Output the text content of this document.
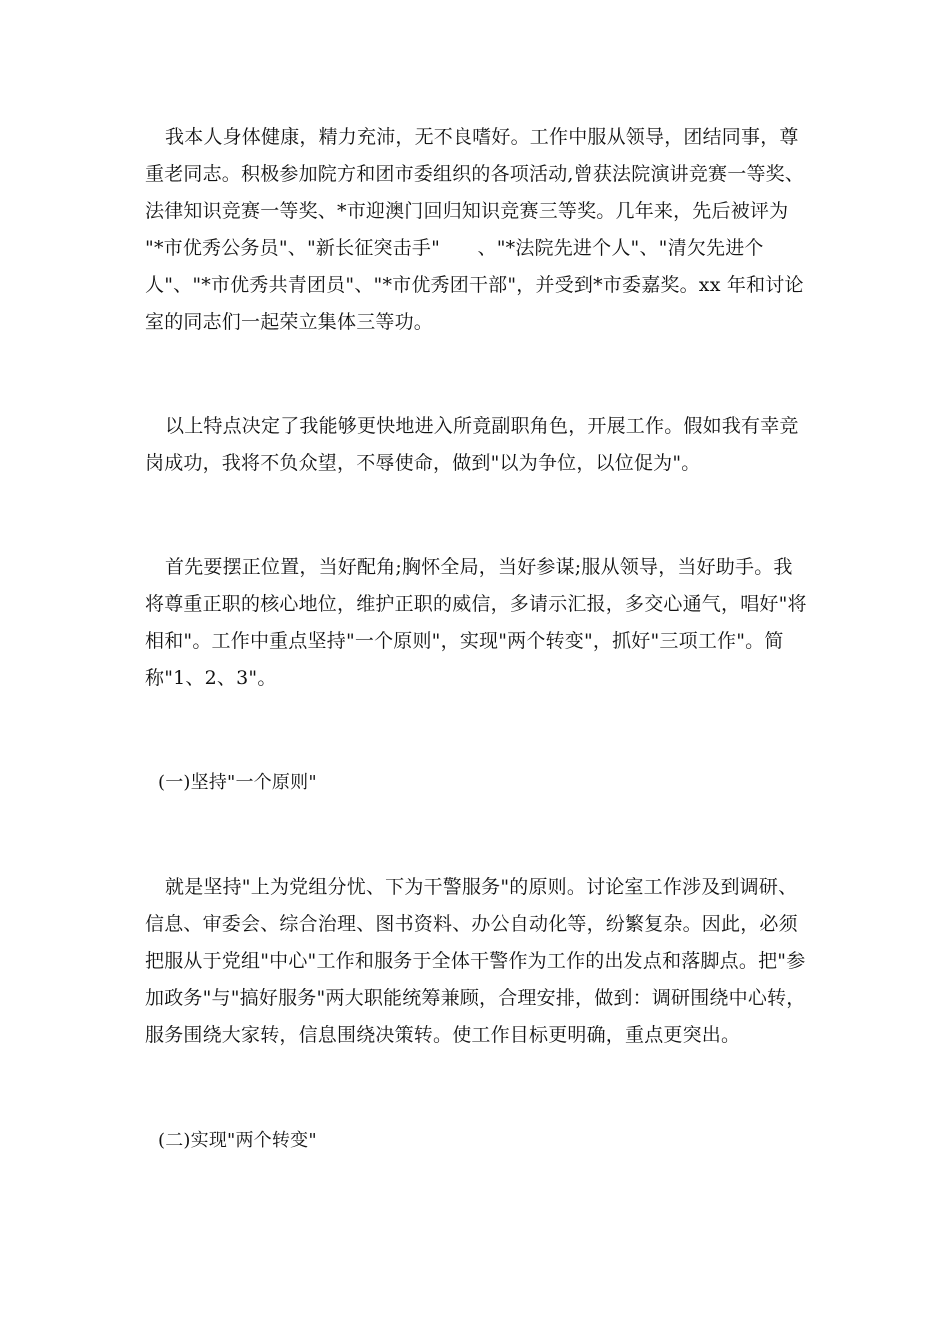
我本人身体健康，精力充沛，无不良嗜好。工作中服从领导，团结同事，尊
重老同志。积极参加院方和团市委组织的各项活动,曾获法院演讲竞赛一等奖、
法律知识竞赛一等奖、*市迎澳门回归知识竞赛三等奖。几年来，先后被评为
"*市优秀公务员"、"新长征突击手"      、"*法院先进个人"、"清欠先进个
人"、"*市优秀共青团员"、"*市优秀团干部"，并受到*市委嘉奖。xx 年和讨论
室的同志们一起荣立集体三等功。
以上特点决定了我能够更快地进入所竟副职角色，开展工作。假如我有幸竞
岗成功，我将不负众望，不辱使命，做到"以为争位，以位促为"。
首先要摆正位置，当好配角;胸怀全局，当好参谋;服从领导，当好助手。我
将尊重正职的核心地位，维护正职的威信，多请示汇报，多交心通气，唱好"将
相和"。工作中重点坚持"一个原则"，实现"两个转变"，抓好"三项工作"。简
称"1、2、3"。
(一)坚持"一个原则"
就是坚持"上为党组分忧、下为干警服务"的原则。讨论室工作涉及到调研、
信息、审委会、综合治理、图书资料、办公自动化等，纷繁复杂。因此，必须
把服从于党组"中心"工作和服务于全体干警作为工作的出发点和落脚点。把"参
加政务"与"搞好服务"两大职能统筹兼顾，合理安排，做到：调研围绕中心转，
服务围绕大家转，信息围绕决策转。使工作目标更明确，重点更突出。
(二)实现"两个转变"
